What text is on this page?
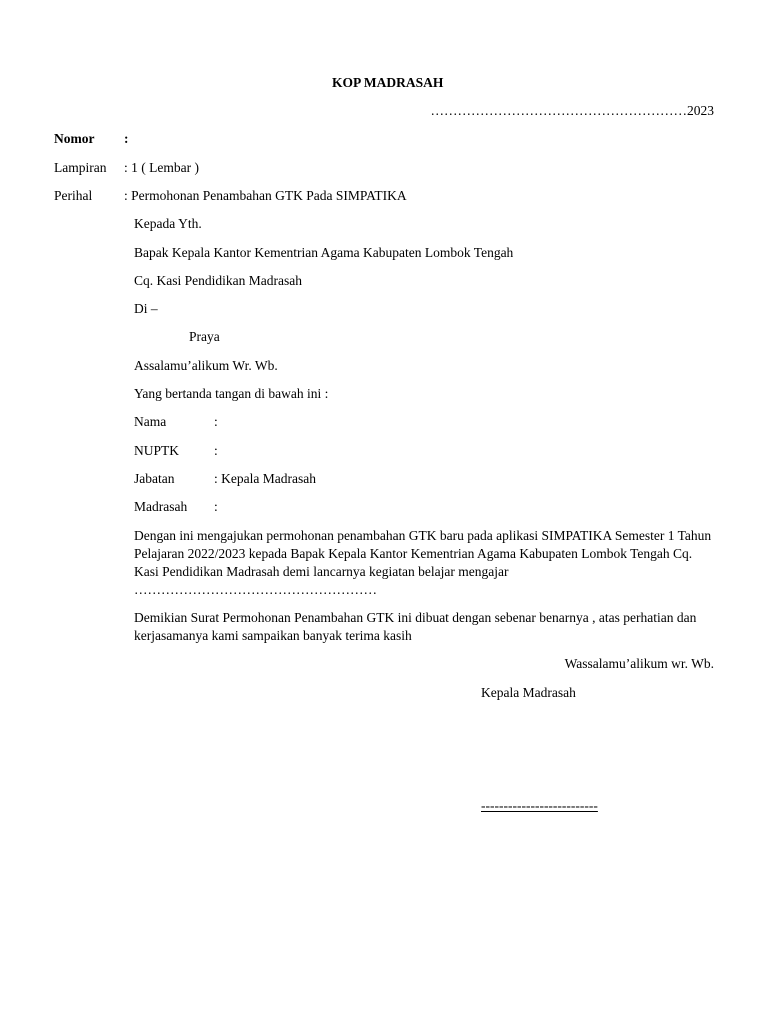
KOP MADRASAH
…………………………………………………2023
Nomor :
Lampiran : 1 ( Lembar )
Perihal : Permohonan Penambahan GTK Pada SIMPATIKA
Kepada Yth.
Bapak Kepala Kantor Kementrian Agama Kabupaten Lombok Tengah
Cq. Kasi Pendidikan Madrasah
Di –
Praya
Assalamu’alikum Wr. Wb.
Yang bertanda tangan di bawah ini :
Nama	:
NUPTK	:
Jabatan	: Kepala Madrasah
Madrasah :

Dengan ini mengajukan permohonan penambahan GTK baru pada aplikasi SIMPATIKA Semester 1 Tahun Pelajaran 2022/2023 kepada Bapak Kepala Kantor Kementrian Agama Kabupaten Lombok Tengah Cq. Kasi Pendidikan Madrasah demi lancarnya kegiatan belajar mengajar

………………………………………………

Demikian Surat Permohonan Penambahan GTK ini dibuat dengan sebenar benarnya , atas perhatian dan kerjasamanya kami sampaikan banyak terima kasih

Wassalamu’alikum wr. Wb.
Kepala Madrasah
--------------------------
